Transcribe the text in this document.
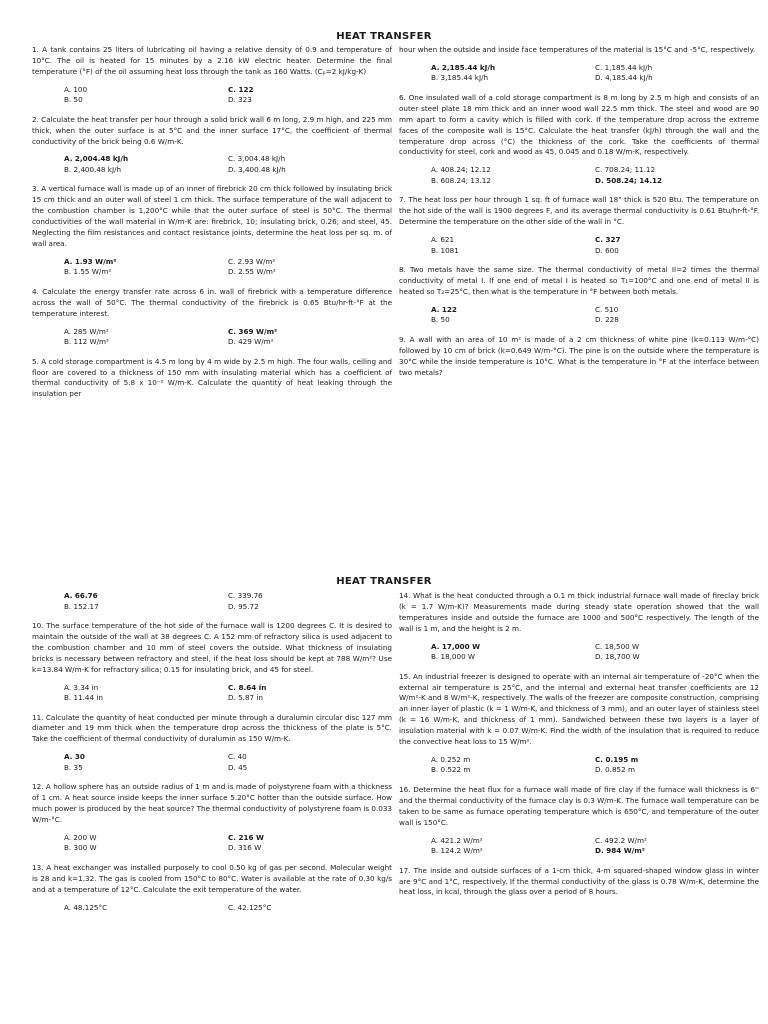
HEAT TRANSFER
1. A tank contains 25 liters of lubricating oil having a relative density of 0.9 and temperature of 10°C. The oil is heated for 15 minutes by a 2.16 kW electric heater. Determine the final temperature (°F) of the oil assuming heat loss through the tank as 160 Watts. (Cₚ=2 kJ/kg-K)
A. 100	C. 122
B. 50	D. 323
2. Calculate the heat transfer per hour through a solid brick wall 6 m long, 2.9 m high, and 225 mm thick, when the outer surface is at 5°C and the inner surface 17°C, the coefficient of thermal conductivity of the brick being 0.6 W/m-K.
A. 2,004.48 kJ/h	C. 3,004.48 kJ/h
B. 2,400.48 kJ/h	D. 3,400.48 kJ/h
3. A vertical furnace wall is made up of an inner of firebrick 20 cm thick followed by insulating brick 15 cm thick and an outer wall of steel 1 cm thick. The surface temperature of the wall adjacent to the combustion chamber is 1,200°C while that the outer surface of steel is 50°C. The thermal conductivities of the wall material in W/m-K are: firebrick, 10; insulating brick, 0.26; and steel, 45. Neglecting the film resistances and contact resistance joints, determine the heat loss per sq. m. of wall area.
A. 1.93 W/m²	C. 2.93 W/m²
B. 1.55 W/m²	D. 2.55 W/m²
4. Calculate the energy transfer rate across 6 in. wall of firebrick with a temperature difference across the wall of 50°C. The thermal conductivity of the firebrick is 0.65 Btu/hr-ft-°F at the temperature interest.
A. 285 W/m²	C. 369 W/m²
B. 112 W/m²	D. 429 W/m²
5. A cold storage compartment is 4.5 m long by 4 m wide by 2.5 m high. The four walls, ceiling and floor are covered to a thickness of 150 mm with insulating material which has a coefficient of thermal conductivity of 5.8 x 10⁻² W/m-K. Calculate the quantity of heat leaking through the insulation per
hour when the outside and inside face temperatures of the material is 15°C and -5°C, respectively.
A. 2,185.44 kJ/h	C. 1,185.44 kJ/h
B. 3,185.44 kJ/h	D. 4,185.44 kJ/h
6. One insulated wall of a cold storage compartment is 8 m long by 2.5 m high and consists of an outer steel plate 18 mm thick and an inner wood wall 22.5 mm thick. The steel and wood are 90 mm apart to form a cavity which is filled with cork. If the temperature drop across the extreme faces of the composite wall is 15°C. Calculate the heat transfer (kJ/h) through the wall and the temperature drop across (°C) the thickness of the cork. Take the coefficients of thermal conductivity for steel, cork and wood as 45, 0.045 and 0.18 W/m-K, respectively.
A. 408.24; 12.12	C. 708.24; 11.12
B. 608.24; 13.12	D. 508.24; 14.12
7. The heat loss per hour through 1 sq. ft of furnace wall 18" thick is 520 Btu. The temperature on the hot side of the wall is 1900 degrees F, and its average thermal conductivity is 0.61 Btu/hr-ft-°F. Determine the temperature on the other side of the wall in °C.
A. 621	C. 327
B. 1081	D. 600
8. Two metals have the same size. The thermal conductivity of metal II=2 times the thermal conductivity of metal I. If one end of metal I is heated so T₁=100°C and one end of metal II is heated so T₂=25°C, then what is the temperature in °F between both metals.
A. 122	C. 510
B. 50	D. 228
9. A wall with an area of 10 m² is made of a 2 cm thickness of white pine (k=0.113 W/m-°C) followed by 10 cm of brick (k=0.649 W/m-°C). The pine is on the outside where the temperature is 30°C while the inside temperature is 10°C. What is the temperature in °F at the interface between two metals?
HEAT TRANSFER
A. 66.76	C. 339.76
B. 152.17	D. 95.72
10. The surface temperature of the hot side of the furnace wall is 1200 degrees C. It is desired to maintain the outside of the wall at 38 degrees C. A 152 mm of refractory silica is used adjacent to the combustion chamber and 10 mm of steel covers the outside. What thickness of insulating bricks is necessary between refractory and steel, if the heat loss should be kept at 788 W/m²? Use k=13.84 W/m-K for refractory silica; 0.15 for insulating brick, and 45 for steel.
A. 3.34 in	C. 8.64 in
B. 11.44 in	D. 5.87 in
11. Calculate the quantity of heat conducted per minute through a duralumin circular disc 127 mm diameter and 19 mm thick when the temperature drop across the thickness of the plate is 5°C. Take the coefficient of thermal conductivity of duralumin as 150 W/m-K.
A. 30	C. 40
B. 35	D. 45
12. A hollow sphere has an outside radius of 1 m and is made of polystyrene foam with a thickness of 1 cm. A heat source inside keeps the inner surface 5.20°C hotter than the outside surface. How much power is produced by the heat source? The thermal conductivity of polystyrene foam is 0.033 W/m-°C.
A. 200 W	C. 216 W
B. 300 W	D. 316 W
13. A heat exchanger was installed purposely to cool 0.50 kg of gas per second. Molecular weight is 28 and k=1.32. The gas is cooled from 150°C to 80°C. Water is available at the rate of 0.30 kg/s and at a temperature of 12°C. Calculate the exit temperature of the water.
A. 48.125°C	C. 42.125°C
14. What is the heat conducted through a 0.1 m thick industrial furnace wall made of fireclay brick (k = 1.7 W/m-K)? Measurements made during steady state operation showed that the wall temperatures inside and outside the furnace are 1000 and 500°C respectively. The length of the wall is 1 m, and the height is 2 m.
A. 17,000 W	C. 18,500 W
B. 18,000 W	D. 18,700 W
15. An industrial freezer is designed to operate with an internal air temperature of -20°C when the external air temperature is 25°C, and the internal and external heat transfer coefficients are 12 W/m²-K and 8 W/m²-K, respectively. The walls of the freezer are composite construction, comprising an inner layer of plastic (k = 1 W/m-K, and thickness of 3 mm), and an outer layer of stainless steel (k = 16 W/m-K, and thickness of 1 mm). Sandwiched between these two layers is a layer of insulation material with k = 0.07 W/m-K. Find the width of the insulation that is required to reduce the convective heat loss to 15 W/m².
A. 0.252 m	C. 0.195 m
B. 0.522 m	D. 0.852 m
16. Determine the heat flux for a furnace wall made of fire clay if the furnace wall thickness is 6'' and the thermal conductivity of the furnace clay is 0.3 W/m-K. The furnace wall temperature can be taken to be same as furnace operating temperature which is 650°C, and temperature of the outer wall is 150°C.
A. 421.2 W/m²	C. 492.2 W/m²
B. 124.2 W/m²	D. 984 W/m²
17. The inside and outside surfaces of a 1-cm thick, 4-m squared-shaped window glass in winter are 9°C and 1°C, respectively. If the thermal conductivity of the glass is 0.78 W/m-K, determine the heat loss, in kcal, through the glass over a period of 8 hours.
